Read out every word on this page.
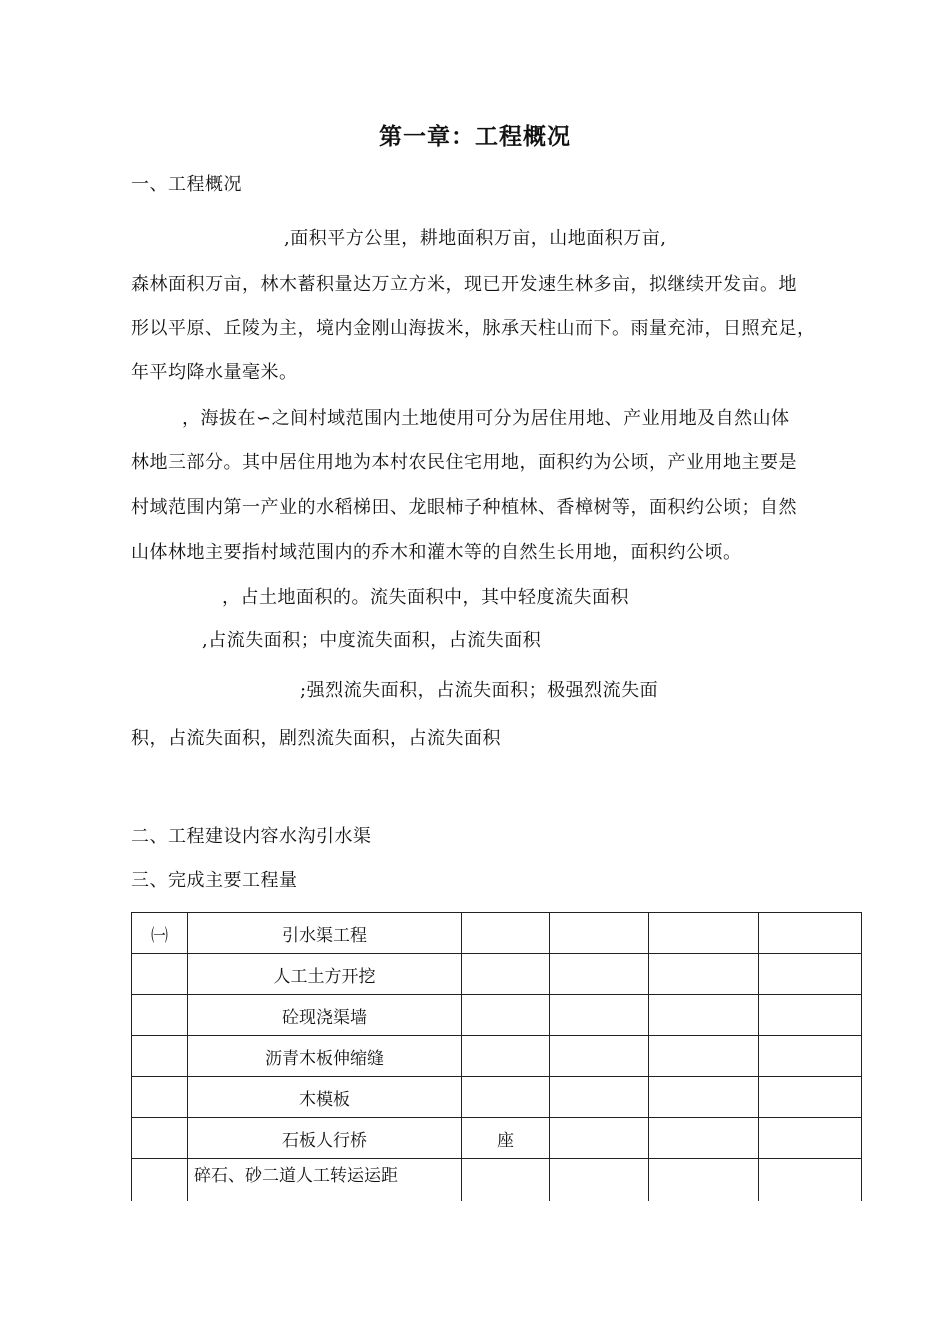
第一章：工程概况
一、工程概况
,面积平方公里，耕地面积万亩，山地面积万亩,
森林面积万亩，林木蓄积量达万立方米，现已开发速生林多亩，拟继续开发亩。地
形以平原、丘陵为主，境内金刚山海拔米，脉承天柱山而下。雨量充沛，日照充足，
年平均降水量毫米。
，海拔在∽之间村域范围内土地使用可分为居住用地、产业用地及自然山体
林地三部分。其中居住用地为本村农民住宅用地，面积约为公顷，产业用地主要是
村域范围内第一产业的水稻梯田、龙眼柿子种植林、香樟树等，面积约公顷；自然
山体林地主要指村域范围内的乔木和灌木等的自然生长用地，面积约公顷。
，占土地面积的。流失面积中，其中轻度流失面积
,占流失面积；中度流失面积，占流失面积
;强烈流失面积，占流失面积；极强烈流失面
积，占流失面积，剧烈流失面积，占流失面积
二、工程建设内容水沟引水渠
三、完成主要工程量
㈠	引水渠工程				
	人工土方开挖				
	砼现浇渠墙				
	沥青木板伸缩缝				
	木模板				
	石板人行桥	座			
	碎石、砂二道人工转运运距				
